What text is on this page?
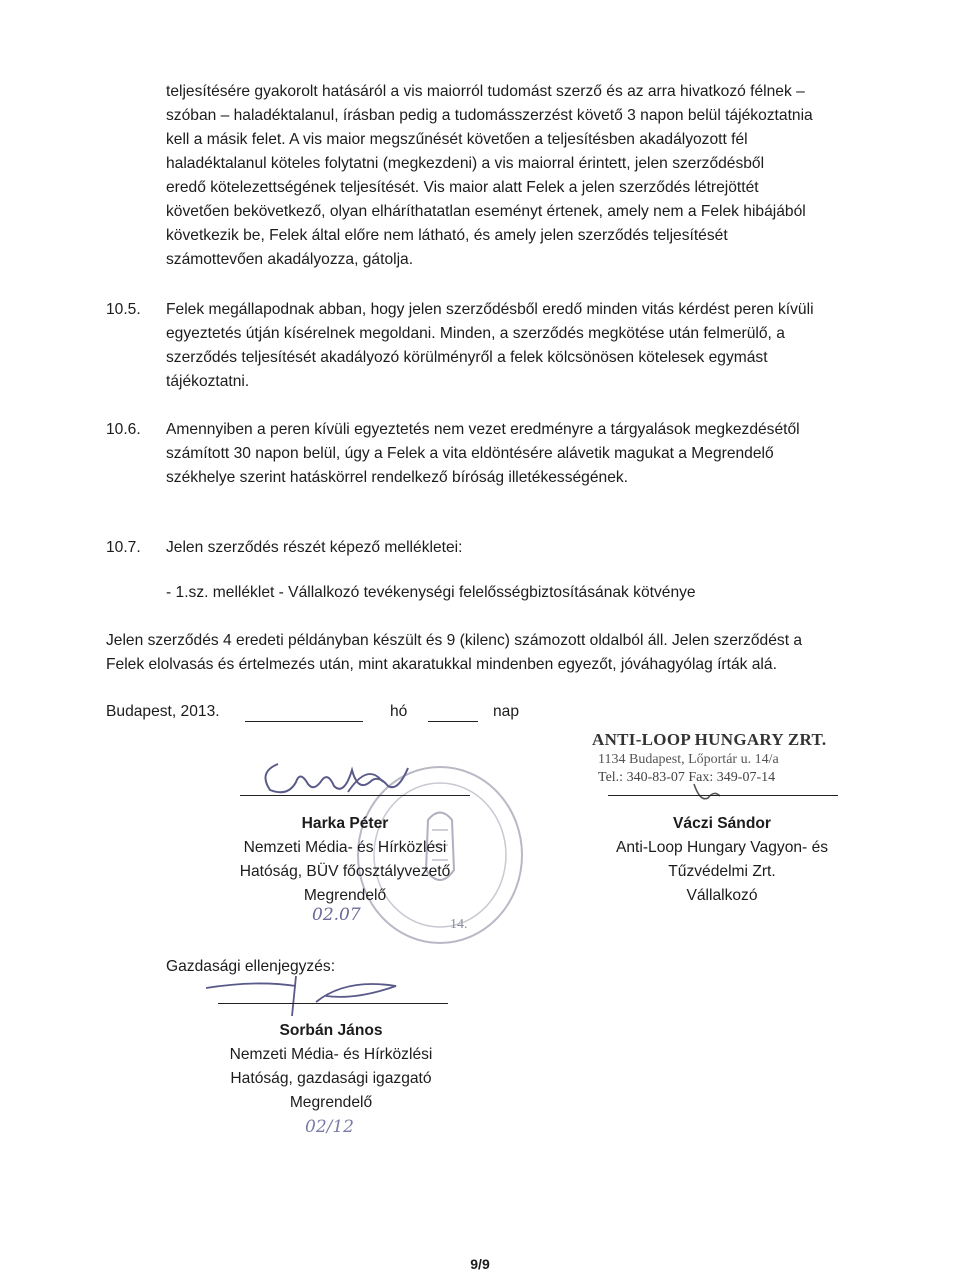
teljesítésére gyakorolt hatásáról a vis maiorról tudomást szerző és az arra hivatkozó félnek –
szóban – haladéktalanul, írásban pedig a tudomásszerzést követő 3 napon belül tájékoztatnia
kell a másik felet. A vis maior megszűnését követően a teljesítésben akadályozott fél
haladéktalanul köteles folytatni (megkezdeni) a vis maiorral érintett, jelen szerződésből
eredő kötelezettségének teljesítését. Vis maior alatt Felek a jelen szerződés létrejöttét
követően bekövetkező, olyan elháríthatatlan eseményt értenek, amely nem a Felek hibájából
következik be, Felek által előre nem látható, és amely jelen szerződés teljesítését
számottevően akadályozza, gátolja.
10.5. Felek megállapodnak abban, hogy jelen szerződésből eredő minden vitás kérdést peren kívüli
egyeztetés útján kísérelnek megoldani. Minden, a szerződés megkötése után felmerülő, a
szerződés teljesítését akadályozó körülményről a felek kölcsönösen kötelesek egymást
tájékoztatni.
10.6. Amennyiben a peren kívüli egyeztetés nem vezet eredményre a tárgyalások megkezdésétől
számított 30 napon belül, úgy a Felek a vita eldöntésére alávetik magukat a Megrendelő
székhelye szerint hatáskörrel rendelkező bíróság illetékességének.
10.7. Jelen szerződés részét képező mellékletei:
- 1.sz. melléklet - Vállalkozó tevékenységi felelősségbiztosításának kötvénye
Jelen szerződés 4 eredeti példányban készült és 9 (kilenc) számozott oldalból áll. Jelen szerződést a
Felek elolvasás és értelmezés után, mint akaratukkal mindenben egyezőt, jóváhagyólag írták alá.
Budapest, 2013.	hó	nap
ANTI-LOOP HUNGARY ZRT.
1134 Budapest, Lőportár u. 14/a
Tel.: 340-83-07 Fax: 349-07-14
14.
Harka Péter
Nemzeti Média- és Hírközlési
Hatóság, BÜV főosztályvezető
Megrendelő
02.07
Váczi Sándor
Anti-Loop Hungary Vagyon- és
Tűzvédelmi Zrt.
Vállalkozó
Gazdasági ellenjegyzés:
Sorbán János
Nemzeti Média- és Hírközlési
Hatóság, gazdasági igazgató
Megrendelő
02/12
9/9
